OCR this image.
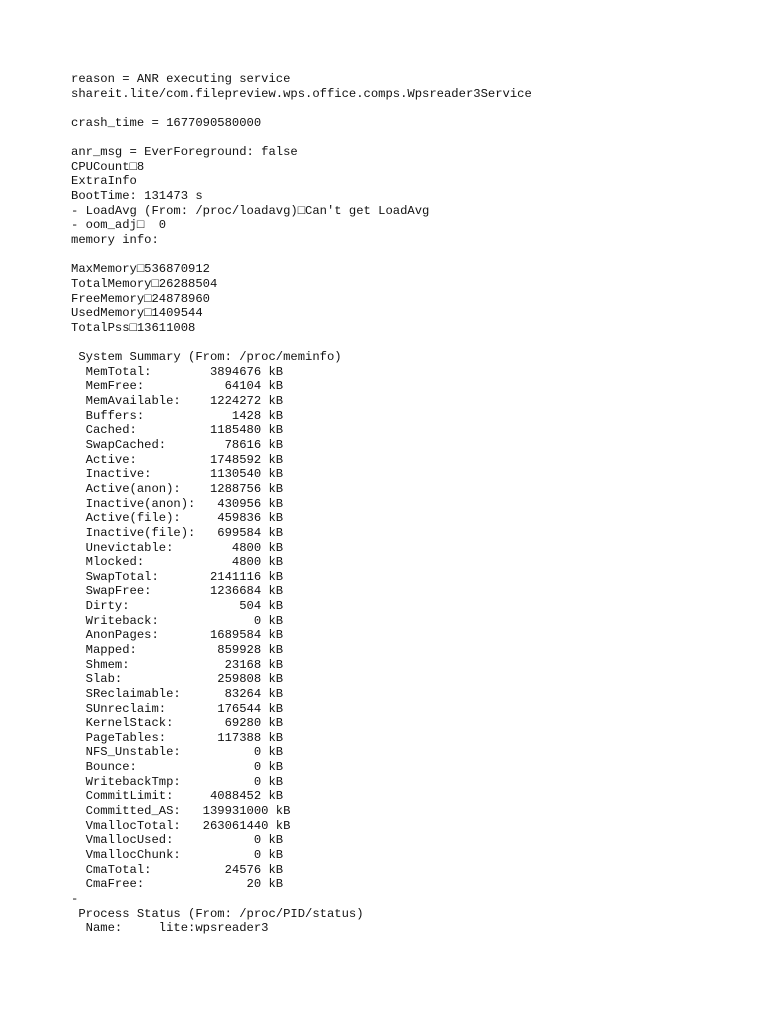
reason = ANR executing service
shareit.lite/com.filepreview.wps.office.comps.Wpsreader3Service
crash_time = 1677090580000
anr_msg = EverForeground: false
CPUCount□8
ExtraInfo
BootTime: 131473 s
- LoadAvg (From: /proc/loadavg)□Can't get LoadAvg
- oom_adj□  0
memory info:
MaxMemory□536870912
TotalMemory□26288504
FreeMemory□24878960
UsedMemory□1409544
TotalPss□13611008
System Summary (From: /proc/meminfo)
MemTotal:        3894676 kB
MemFree:           64104 kB
MemAvailable:    1224272 kB
Buffers:            1428 kB
Cached:          1185480 kB
SwapCached:        78616 kB
Active:          1748592 kB
Inactive:        1130540 kB
Active(anon):    1288756 kB
Inactive(anon):   430956 kB
Active(file):     459836 kB
Inactive(file):   699584 kB
Unevictable:        4800 kB
Mlocked:            4800 kB
SwapTotal:       2141116 kB
SwapFree:        1236684 kB
Dirty:               504 kB
Writeback:             0 kB
AnonPages:       1689584 kB
Mapped:           859928 kB
Shmem:             23168 kB
Slab:             259808 kB
SReclaimable:      83264 kB
SUnreclaim:       176544 kB
KernelStack:       69280 kB
PageTables:       117388 kB
NFS_Unstable:          0 kB
Bounce:                0 kB
WritebackTmp:          0 kB
CommitLimit:     4088452 kB
Committed_AS:   139931000 kB
VmallocTotal:   263061440 kB
VmallocUsed:           0 kB
VmallocChunk:          0 kB
CmaTotal:          24576 kB
CmaFree:              20 kB
-
Process Status (From: /proc/PID/status)
Name:     lite:wpsreader3
